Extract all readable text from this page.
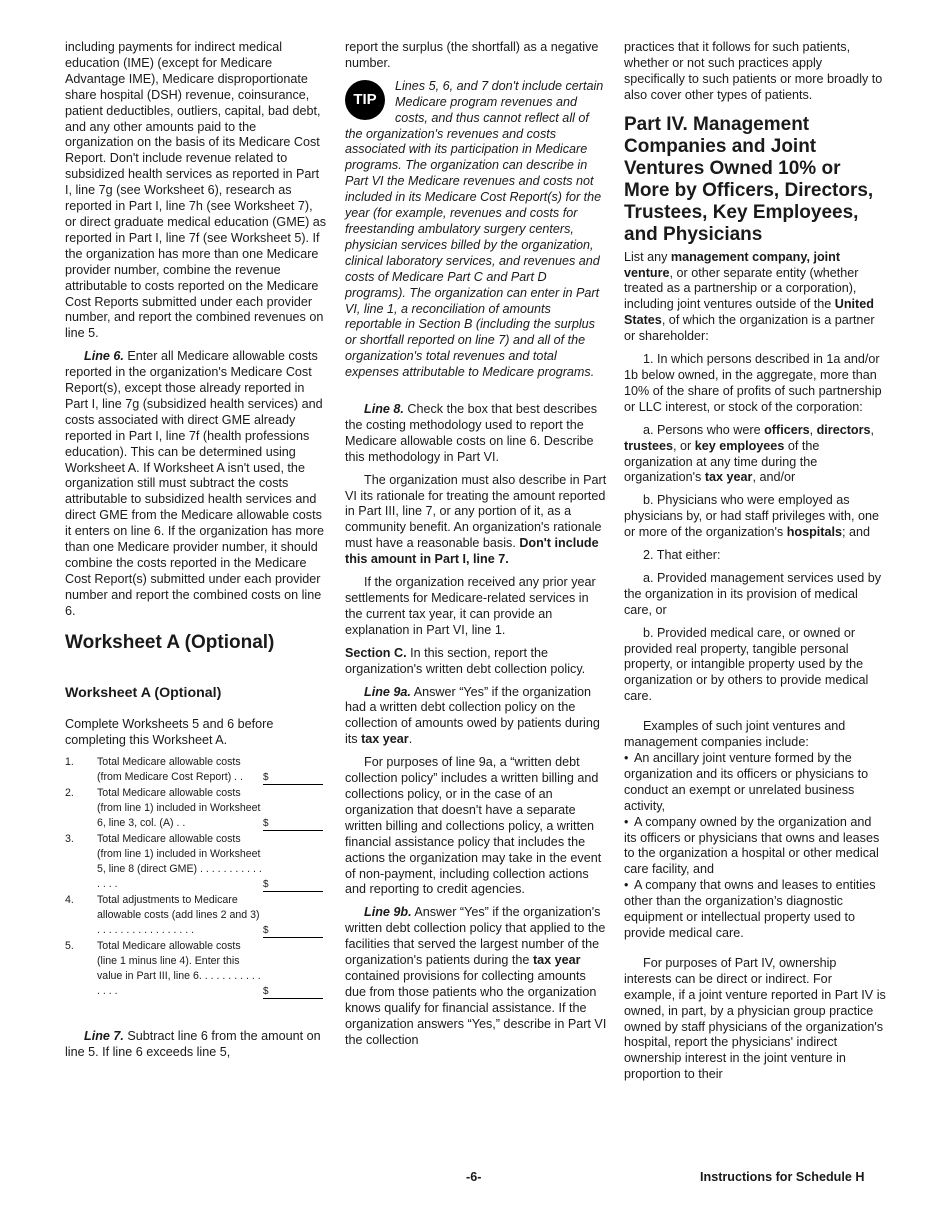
including payments for indirect medical education (IME) (except for Medicare Advantage IME), Medicare disproportionate share hospital (DSH) revenue, coinsurance, patient deductibles, outliers, capital, bad debt, and any other amounts paid to the organization on the basis of its Medicare Cost Report. Don't include revenue related to subsidized health services as reported in Part I, line 7g (see Worksheet 6), research as reported in Part I, line 7h (see Worksheet 7), or direct graduate medical education (GME) as reported in Part I, line 7f (see Worksheet 5). If the organization has more than one Medicare provider number, combine the revenue attributable to costs reported on the Medicare Cost Reports submitted under each provider number, and report the combined revenues on line 5.

Line 6. Enter all Medicare allowable costs reported in the organization's Medicare Cost Report(s), except those already reported in Part I, line 7g (subsidized health services) and costs associated with direct GME already reported in Part I, line 7f (health professions education). This can be determined using Worksheet A. If Worksheet A isn't used, the organization still must subtract the costs attributable to subsidized health services and direct GME from the Medicare allowable costs it enters on line 6. If the organization has more than one Medicare provider number, it should combine the costs reported in the Medicare Cost Report(s) submitted under each provider number and report the combined costs on line 6.

Worksheet A (Optional)
Worksheet A (Optional)

Complete Worksheets 5 and 6 before completing this Worksheet A.

1.	Total Medicare allowable costs (from Medicare Cost Report) . .	$
2.	Total Medicare allowable costs (from line 1) included in Worksheet 6, line 3, col. (A) . .	$
3.	Total Medicare allowable costs (from line 1) included in Worksheet 5, line 8 (direct GME) . . . . . . . . . . . . . . .	$
4.	Total adjustments to Medicare allowable costs (add lines 2 and 3) . . . . . . . . . . . . . . . . .	$
5.	Total Medicare allowable costs (line 1 minus line 4). Enter this value in Part III, line 6. . . . . . . . . . . . . . .	$

Line 7. Subtract line 6 from the amount on line 5. If line 6 exceeds line 5,

report the surplus (the shortfall) as a negative number.

TIP
Lines 5, 6, and 7 don't include certain Medicare program revenues and costs, and thus cannot reflect all of the organization's revenues and costs associated with its participation in Medicare programs. The organization can describe in Part VI the Medicare revenues and costs not included in its Medicare Cost Report(s) for the year (for example, revenues and costs for freestanding ambulatory surgery centers, physician services billed by the organization, clinical laboratory services, and revenues and costs of Medicare Part C and Part D programs). The organization can enter in Part VI, line 1, a reconciliation of amounts reportable in Section B (including the surplus or shortfall reported on line 7) and all of the organization's total revenues and total expenses attributable to Medicare programs.

Line 8. Check the box that best describes the costing methodology used to report the Medicare allowable costs on line 6. Describe this methodology in Part VI.

The organization must also describe in Part VI its rationale for treating the amount reported in Part III, line 7, or any portion of it, as a community benefit. An organization's rationale must have a reasonable basis. Don't include this amount in Part I, line 7.

If the organization received any prior year settlements for Medicare-related services in the current tax year, it can provide an explanation in Part VI, line 1.

Section C. In this section, report the organization's written debt collection policy.

Line 9a. Answer “Yes” if the organization had a written debt collection policy on the collection of amounts owed by patients during its tax year.

For purposes of line 9a, a “written debt collection policy” includes a written billing and collections policy, or in the case of an organization that doesn't have a separate written billing and collections policy, a written financial assistance policy that includes the actions the organization may take in the event of non-payment, including collection actions and reporting to credit agencies.

Line 9b. Answer “Yes” if the organization's written debt collection policy that applied to the facilities that served the largest number of the organization's patients during the tax year contained provisions for collecting amounts due from those patients who the organization knows qualify for financial assistance. If the organization answers “Yes,” describe in Part VI the collection

practices that it follows for such patients, whether or not such practices apply specifically to such patients or more broadly to also cover other types of patients.

Part IV. Management Companies and Joint Ventures Owned 10% or More by Officers, Directors, Trustees, Key Employees, and Physicians

List any management company, joint venture, or other separate entity (whether treated as a partnership or a corporation), including joint ventures outside of the United States, of which the organization is a partner or shareholder:

1. In which persons described in 1a and/or 1b below owned, in the aggregate, more than 10% of the share of profits of such partnership or LLC interest, or stock of the corporation:

a. Persons who were officers, directors, trustees, or key employees of the organization at any time during the organization's tax year, and/or

b. Physicians who were employed as physicians by, or had staff privileges with, one or more of the organization's hospitals; and

2. That either:

a. Provided management services used by the organization in its provision of medical care, or

b. Provided medical care, or owned or provided real property, tangible personal property, or intangible property used by the organization or by others to provide medical care.

Examples of such joint ventures and management companies include:

• An ancillary joint venture formed by the organization and its officers or physicians to conduct an exempt or unrelated business activity,

• A company owned by the organization and its officers or physicians that owns and leases to the organization a hospital or other medical care facility, and

• A company that owns and leases to entities other than the organization’s diagnostic equipment or intellectual property used to provide medical care.

For purposes of Part IV, ownership interests can be direct or indirect. For example, if a joint venture reported in Part IV is owned, in part, by a physician group practice owned by staff physicians of the organization's hospital, report the physicians' indirect ownership interest in the joint venture in proportion to their

-6-	Instructions for Schedule H
